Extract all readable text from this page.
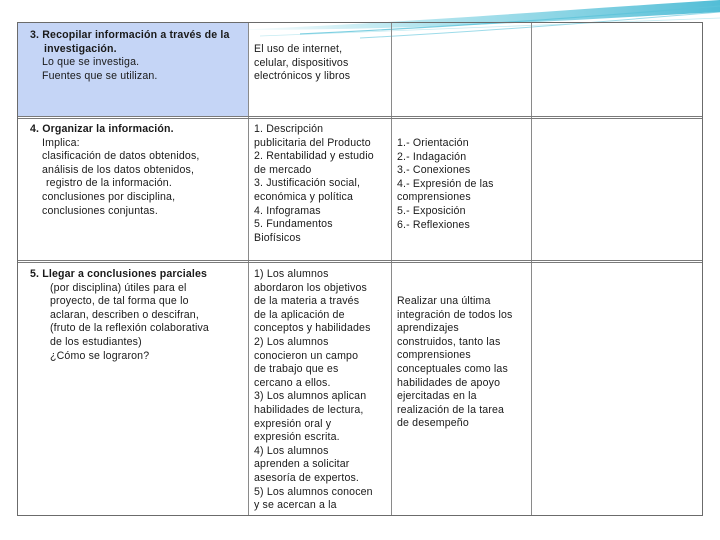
3. Recopilar información a través de la
investigación.
Lo que se investiga.
Fuentes que se utilizan.
El uso de internet,
celular, dispositivos
electrónicos y libros
4. Organizar la información.
Implica:
clasificación de datos obtenidos,
análisis de los datos obtenidos,
registro de la información.
conclusiones por disciplina,
conclusiones conjuntas.
1. Descripción
publicitaria del Producto
2. Rentabilidad y estudio
de mercado
3. Justificación social,
económica y política
4. Infogramas
5. Fundamentos
Biofísicos
1.- Orientación
2.- Indagación
3.- Conexiones
4.- Expresión de las
comprensiones
5.- Exposición
6.- Reflexiones
5. Llegar a conclusiones parciales
(por disciplina) útiles para el
proyecto, de tal forma que lo
aclaran, describen o descifran,
(fruto de la reflexión colaborativa
de los estudiantes)
¿Cómo se lograron?
1) Los alumnos
abordaron los objetivos
de la materia a través
de la aplicación de
conceptos y habilidades
2) Los alumnos
conocieron un campo
de trabajo que es
cercano a ellos.
3) Los alumnos aplican
habilidades de lectura,
expresión oral y
expresión escrita.
4) Los alumnos
aprenden a solicitar
asesoría de expertos.
5) Los alumnos conocen
y se acercan a la
Realizar una última
integración de todos los
aprendizajes
construidos, tanto las
comprensiones
conceptuales como las
habilidades de apoyo
ejercitadas en la
realización de la tarea
de desempeño
